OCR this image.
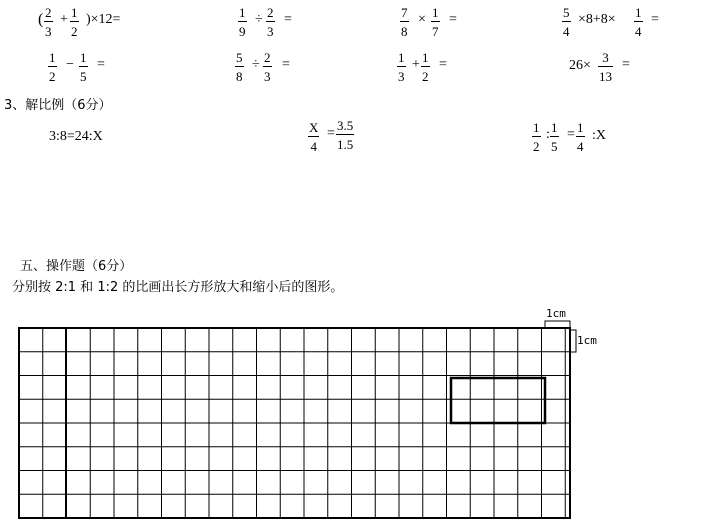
( $\frac{2}{3} + \frac{1}{2} )\times 12=$	$\frac{1}{9} \div \frac{2}{3}$ =	$\frac{7}{8} \times \frac{1}{7}$ =	$\frac{5}{4} \times 8+8\times \frac{1}{4}$ =
$\frac{1}{2} - \frac{1}{5}$ =	$\frac{5}{8} \div \frac{2}{3}$ =	$\frac{1}{3} + \frac{1}{2}$ =	$26\times \frac{3}{13}$ =
3、解比例（6分）
3:8=24:X	$\frac{X}{4} = \frac{3.5}{1.5}$	$\frac{1}{2}$ : $\frac{1}{5} = \frac{1}{4}$ :X
五、操作题（6分）
分别按 2:1 和 1:2 的比画出长方形放大和缩小后的图形。
1cm
1cm
